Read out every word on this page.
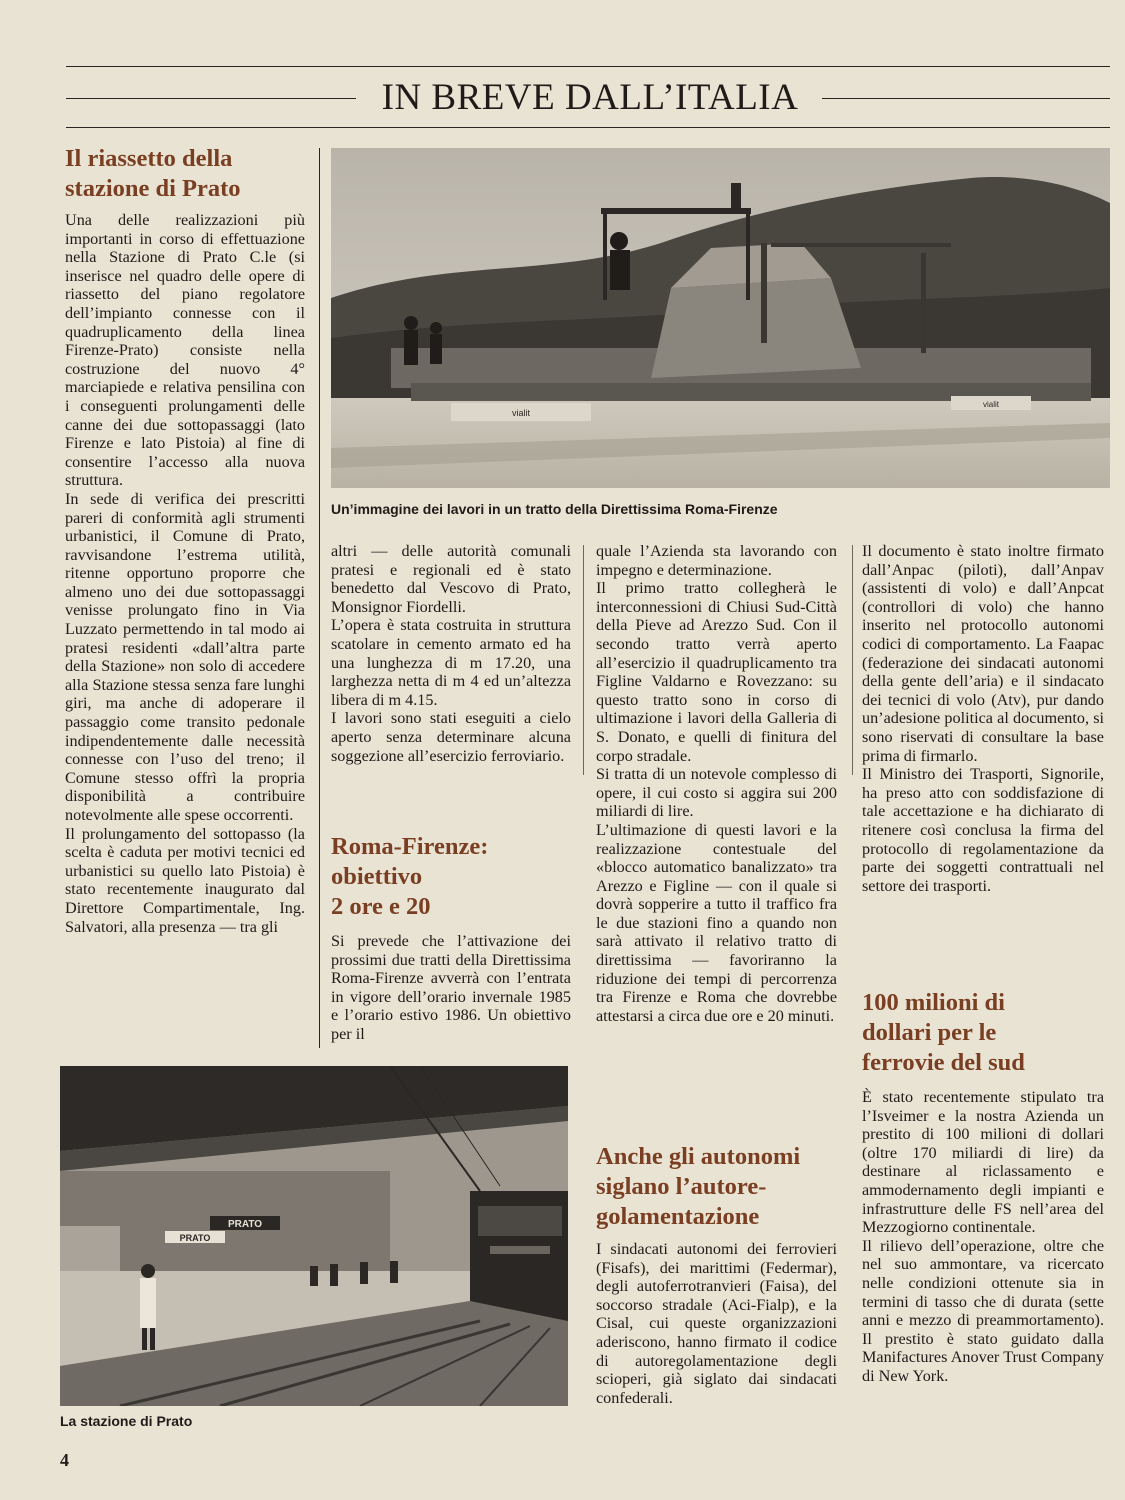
IN BREVE DALL’ITALIA
Il riassetto della
stazione di Prato

Una delle realizzazioni più importanti in corso di effettuazione nella Stazione di Prato C.le (si inserisce nel quadro delle opere di riassetto del piano regolatore dell’impianto connesse con il quadruplicamento della linea Firenze-Prato) consiste nella costruzione del nuovo 4° marciapiede e relativa pensilina con i conseguenti prolungamenti delle canne dei due sottopassaggi (lato Firenze e lato Pistoia) al fine di consentire l’accesso alla nuova struttura.

In sede di verifica dei prescritti pareri di conformità agli strumenti urbanistici, il Comune di Prato, ravvisandone l’estrema utilità, ritenne opportuno proporre che almeno uno dei due sottopassaggi venisse prolungato fino in Via Luzzato permettendo in tal modo ai pratesi residenti «dall’altra parte della Stazione» non solo di accedere alla Stazione stessa senza fare lunghi giri, ma anche di adoperare il passaggio come transito pedonale indipendentemente dalle necessità connesse con l’uso del treno; il Comune stesso offrì la propria disponibilità a contribuire notevolmente alle spese occorrenti.

Il prolungamento del sottopasso (la scelta è caduta per motivi tecnici ed urbanistici su quello lato Pistoia) è stato recentemente inaugurato dal Direttore Compartimentale, Ing. Salvatori, alla presenza — tra gli

vialit
vialit
Un’immagine dei lavori in un tratto della Direttissima Roma-Firenze

altri — delle autorità comunali pratesi e regionali ed è stato benedetto dal Vescovo di Prato, Monsignor Fiordelli.

L’opera è stata costruita in struttura scatolare in cemento armato ed ha una lunghezza di m 17.20, una larghezza netta di m 4 ed un’altezza libera di m 4.15.

I lavori sono stati eseguiti a cielo aperto senza determinare alcuna soggezione all’esercizio ferroviario.

Roma-Firenze:
obiettivo
2 ore e 20

Si prevede che l’attivazione dei prossimi due tratti della Direttissima Roma-Firenze avverrà con l’entrata in vigore dell’orario invernale 1985 e l’orario estivo 1986. Un obiettivo per il

quale l’Azienda sta lavorando con impegno e determinazione.

Il primo tratto collegherà le interconnessioni di Chiusi Sud-Città della Pieve ad Arezzo Sud. Con il secondo tratto verrà aperto all’esercizio il quadruplicamento tra Figline Valdarno e Rovezzano: su questo tratto sono in corso di ultimazione i lavori della Galleria di S. Donato, e quelli di finitura del corpo stradale.

Si tratta di un notevole complesso di opere, il cui costo si aggira sui 200 miliardi di lire.

L’ultimazione di questi lavori e la realizzazione contestuale del «blocco automatico banalizzato» tra Arezzo e Figline — con il quale si dovrà sopperire a tutto il traffico fra le due stazioni fino a quando non sarà attivato il relativo tratto di direttissima — favoriranno la riduzione dei tempi di percorrenza tra Firenze e Roma che dovrebbe attestarsi a circa due ore e 20 minuti.

Anche gli autonomi
siglano l’autore-
golamentazione

I sindacati autonomi dei ferrovieri (Fisafs), dei marittimi (Federmar), degli autoferrotranvieri (Faisa), del soccorso stradale (Aci-Fialp), e la Cisal, cui queste organizzazioni aderiscono, hanno firmato il codice di autoregolamentazione degli scioperi, già siglato dai sindacati confederali.

Il documento è stato inoltre firmato dall’Anpac (piloti), dall’Anpav (assistenti di volo) e dall’Anpcat (controllori di volo) che hanno inserito nel protocollo autonomi codici di comportamento. La Faapac (federazione dei sindacati autonomi della gente dell’aria) e il sindacato dei tecnici di volo (Atv), pur dando un’adesione politica al documento, si sono riservati di consultare la base prima di firmarlo.

Il Ministro dei Trasporti, Signorile, ha preso atto con soddisfazione di tale accettazione e ha dichiarato di ritenere così conclusa la firma del protocollo di regolamentazione da parte dei soggetti contrattuali nel settore dei trasporti.

100 milioni di
dollari per le
ferrovie del sud

È stato recentemente stipulato tra l’Isveimer e la nostra Azienda un prestito di 100 milioni di dollari (oltre 170 miliardi di lire) da destinare al riclassamento e ammodernamento degli impianti e infrastrutture delle FS nell’area del Mezzogiorno continentale.

Il rilievo dell’operazione, oltre che nel suo ammontare, va ricercato nelle condizioni ottenute sia in termini di tasso che di durata (sette anni e mezzo di preammortamento). Il prestito è stato guidato dalla Manifactures Anover Trust Company di New York.

PRATO
PRATO
La stazione di Prato
4
